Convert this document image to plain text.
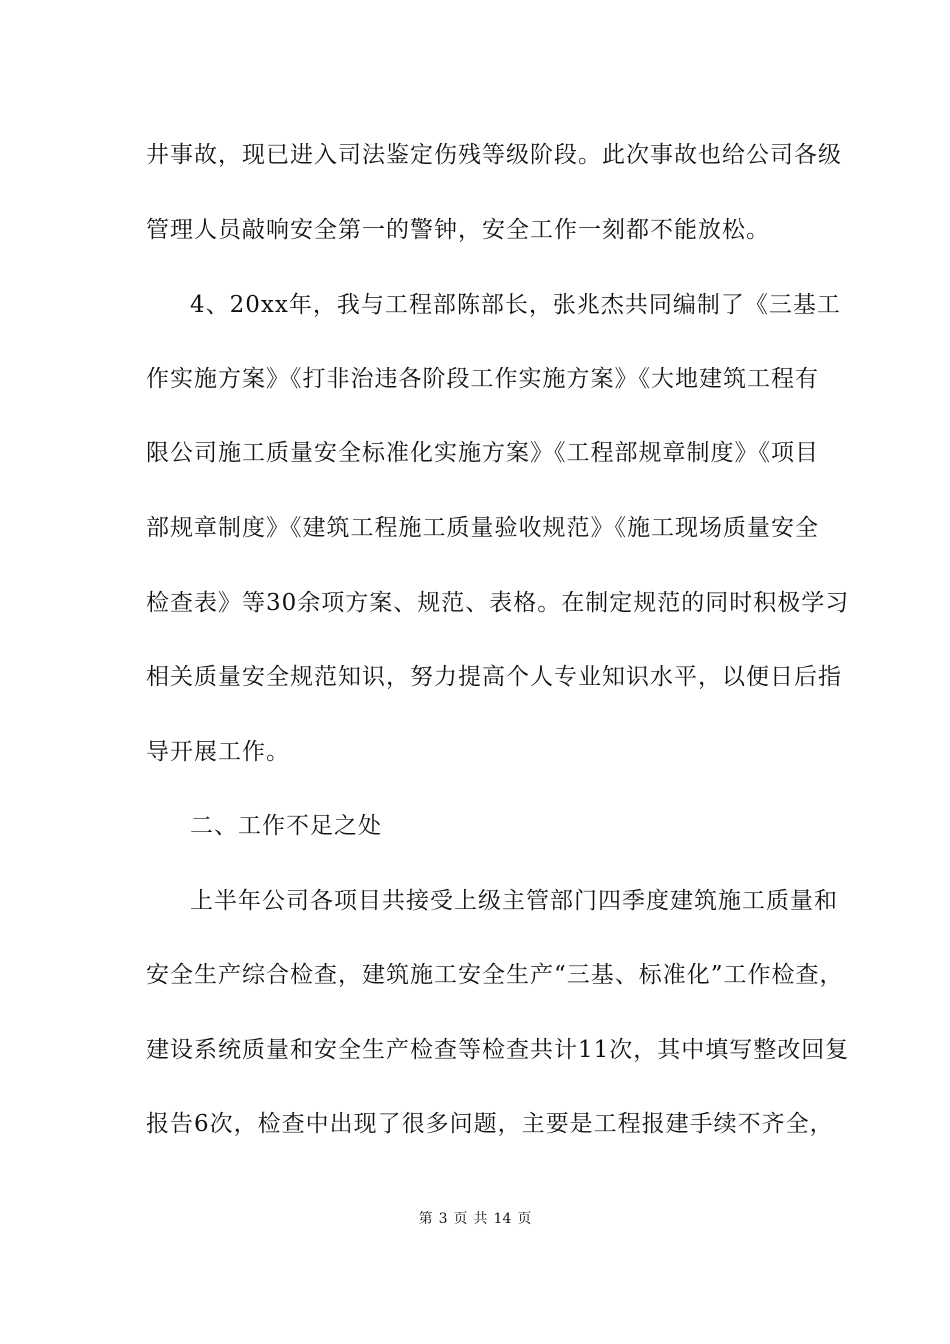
井事故，现已进入司法鉴定伤残等级阶段。此次事故也给公司各级
管理人员敲响安全第一的警钟，安全工作一刻都不能放松。
4、20xx年，我与工程部陈部长，张兆杰共同编制了《三基工
作实施方案》《打非治违各阶段工作实施方案》《大地建筑工程有
限公司施工质量安全标准化实施方案》《工程部规章制度》《项目
部规章制度》《建筑工程施工质量验收规范》《施工现场质量安全
检查表》等30余项方案、规范、表格。在制定规范的同时积极学习
相关质量安全规范知识，努力提高个人专业知识水平，以便日后指
导开展工作。
二、工作不足之处
上半年公司各项目共接受上级主管部门四季度建筑施工质量和
安全生产综合检查，建筑施工安全生产“三基、标准化”工作检查，
建设系统质量和安全生产检查等检查共计11次，其中填写整改回复
报告6次，检查中出现了很多问题，主要是工程报建手续不齐全，
第 3 页 共 14 页
